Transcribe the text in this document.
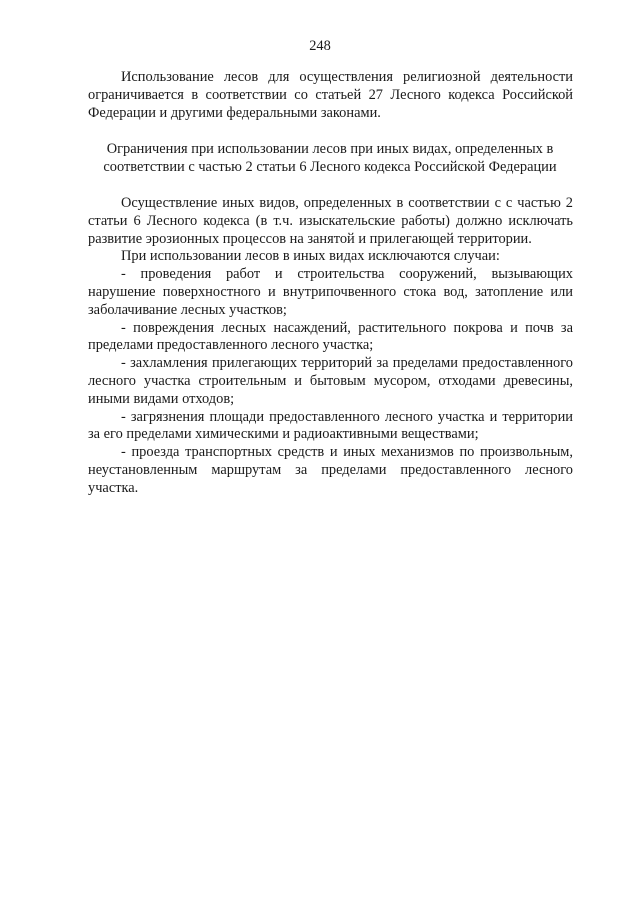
248

Использование лесов для осуществления религиозной деятельности ограничивается в соответствии со статьей 27 Лесного кодекса Российской Федерации и другими федеральными законами.

Ограничения при использовании лесов при иных видах, определенных в
соответствии с частью 2 статьи 6 Лесного кодекса Российской Федерации

Осуществление иных видов, определенных в соответствии с с частью 2 статьи 6 Лесного кодекса (в т.ч. изыскательские работы) должно исключать развитие эрозионных процессов на занятой и прилегающей территории.

При использовании лесов в иных видах исключаются случаи:

- проведения работ и строительства сооружений, вызывающих нарушение поверхностного и внутрипочвенного стока вод, затопление или заболачивание лесных участков;

- повреждения лесных насаждений, растительного покрова и почв за пределами предоставленного лесного участка;

- захламления прилегающих территорий за пределами предоставленного лесного участка строительным и бытовым мусором, отходами древесины, иными видами отходов;

- загрязнения площади предоставленного лесного участка и территории за его пределами химическими и радиоактивными веществами;

- проезда транспортных средств и иных механизмов по произвольным, неустановленным маршрутам за пределами предоставленного лесного участка.
